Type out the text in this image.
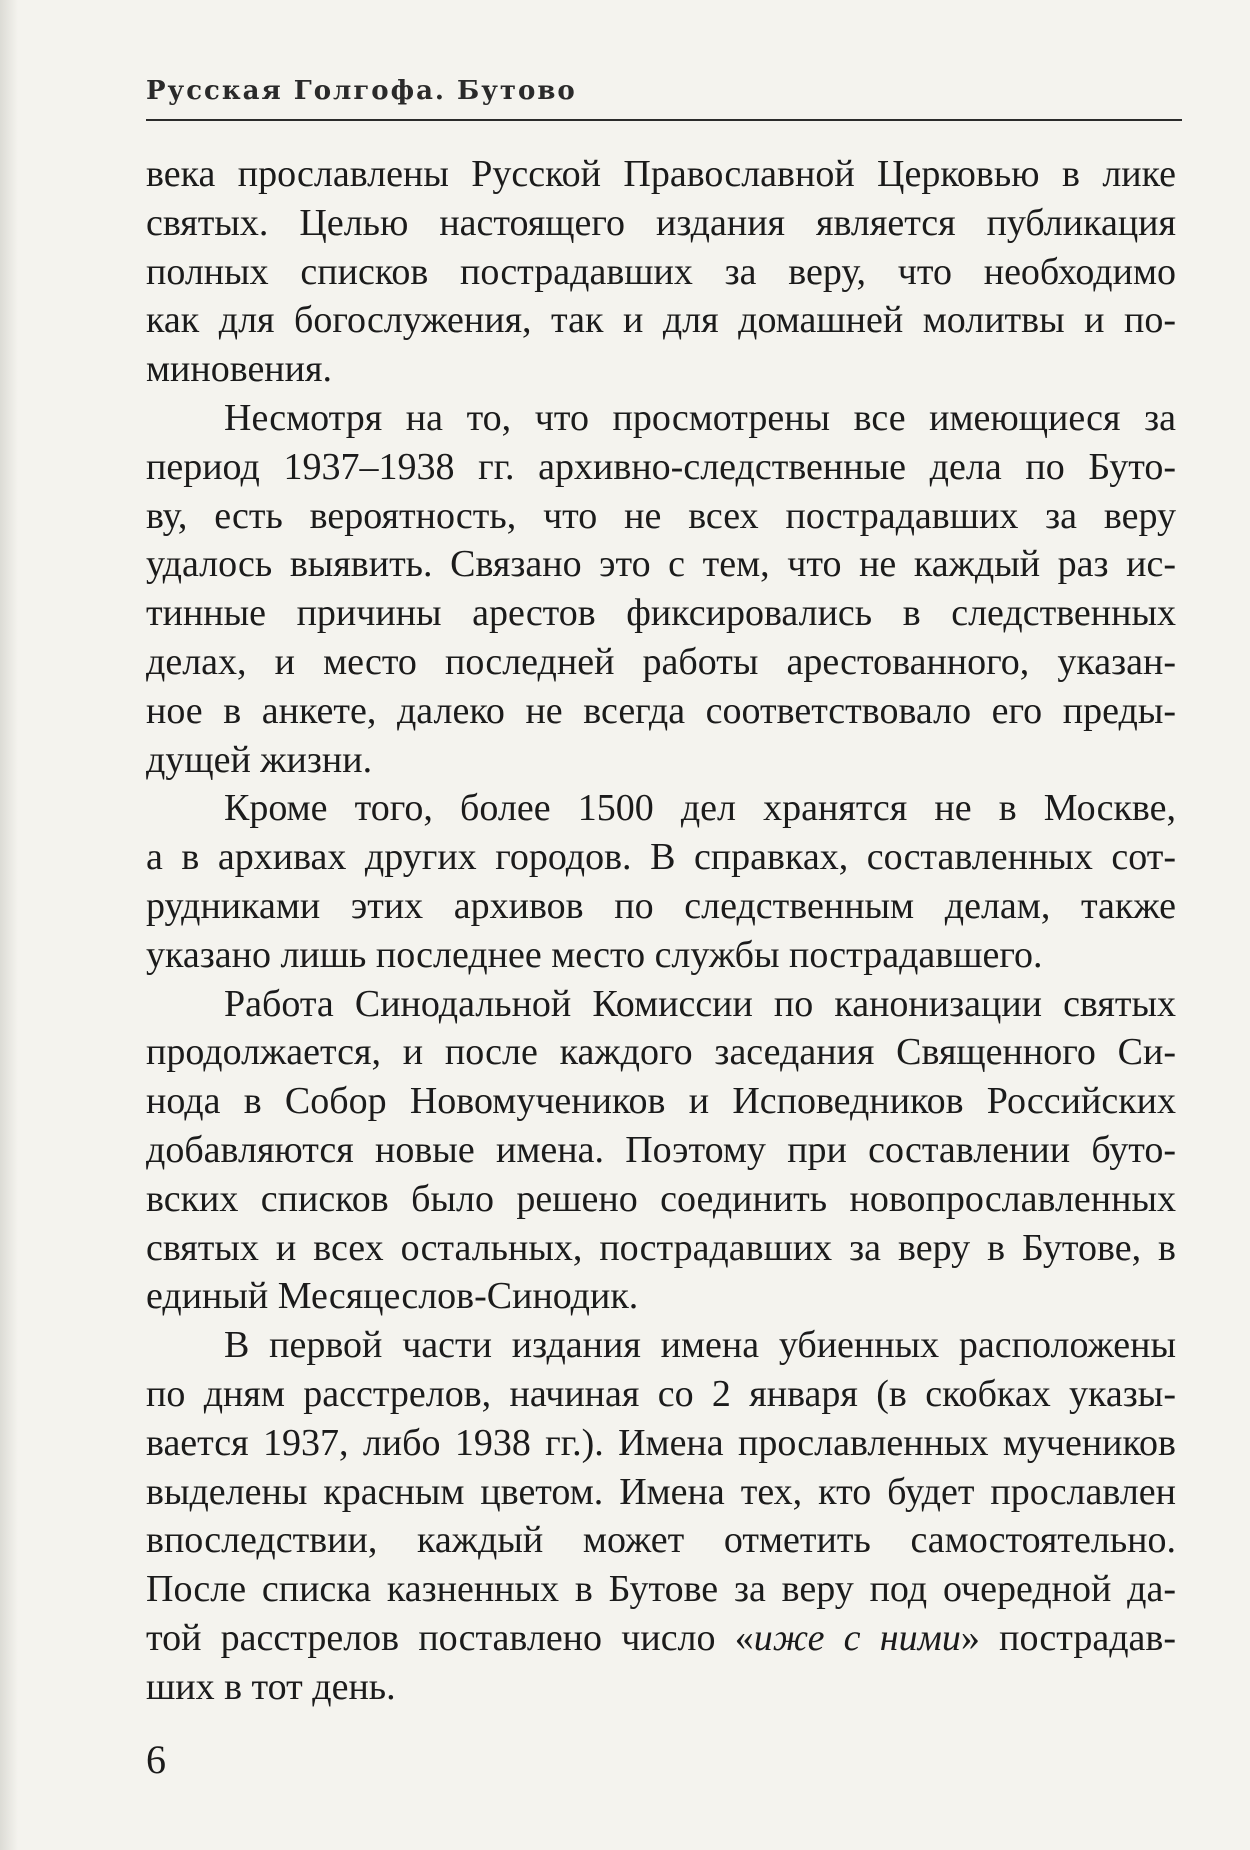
Русская Голгофа. Бутово

века прославлены Русской Православной Церковью в лике
святых. Целью настоящего издания является публикация
полных списков пострадавших за веру, что необходимо
как для богослужения, так и для домашней молитвы и по-
миновения.

Несмотря на то, что просмотрены все имеющиеся за
период 1937–1938 гг. архивно-следственные дела по Буто-
ву, есть вероятность, что не всех пострадавших за веру
удалось выявить. Связано это с тем, что не каждый раз ис-
тинные причины арестов фиксировались в следственных
делах, и место последней работы арестованного, указан-
ное в анкете, далеко не всегда соответствовало его преды-
дущей жизни.

Кроме того, более 1500 дел хранятся не в Москве,
а в архивах других городов. В справках, составленных сот-
рудниками этих архивов по следственным делам, также
указано лишь последнее место службы пострадавшего.

Работа Синодальной Комиссии по канонизации святых
продолжается, и после каждого заседания Священного Си-
нода в Собор Новомучеников и Исповедников Российских
добавляются новые имена. Поэтому при составлении буто-
вских списков было решено соединить новопрославленных
святых и всех остальных, пострадавших за веру в Бутове, в
единый Месяцеслов-Синодик.

В первой части издания имена убиенных расположены
по дням расстрелов, начиная со 2 января (в скобках указы-
вается 1937, либо 1938 гг.). Имена прославленных мучеников
выделены красным цветом. Имена тех, кто будет прославлен
впоследствии, каждый может отметить самостоятельно.
После списка казненных в Бутове за веру под очередной да-
той расстрелов поставлено число «иже с ними» пострадав-
ших в тот день.

6
